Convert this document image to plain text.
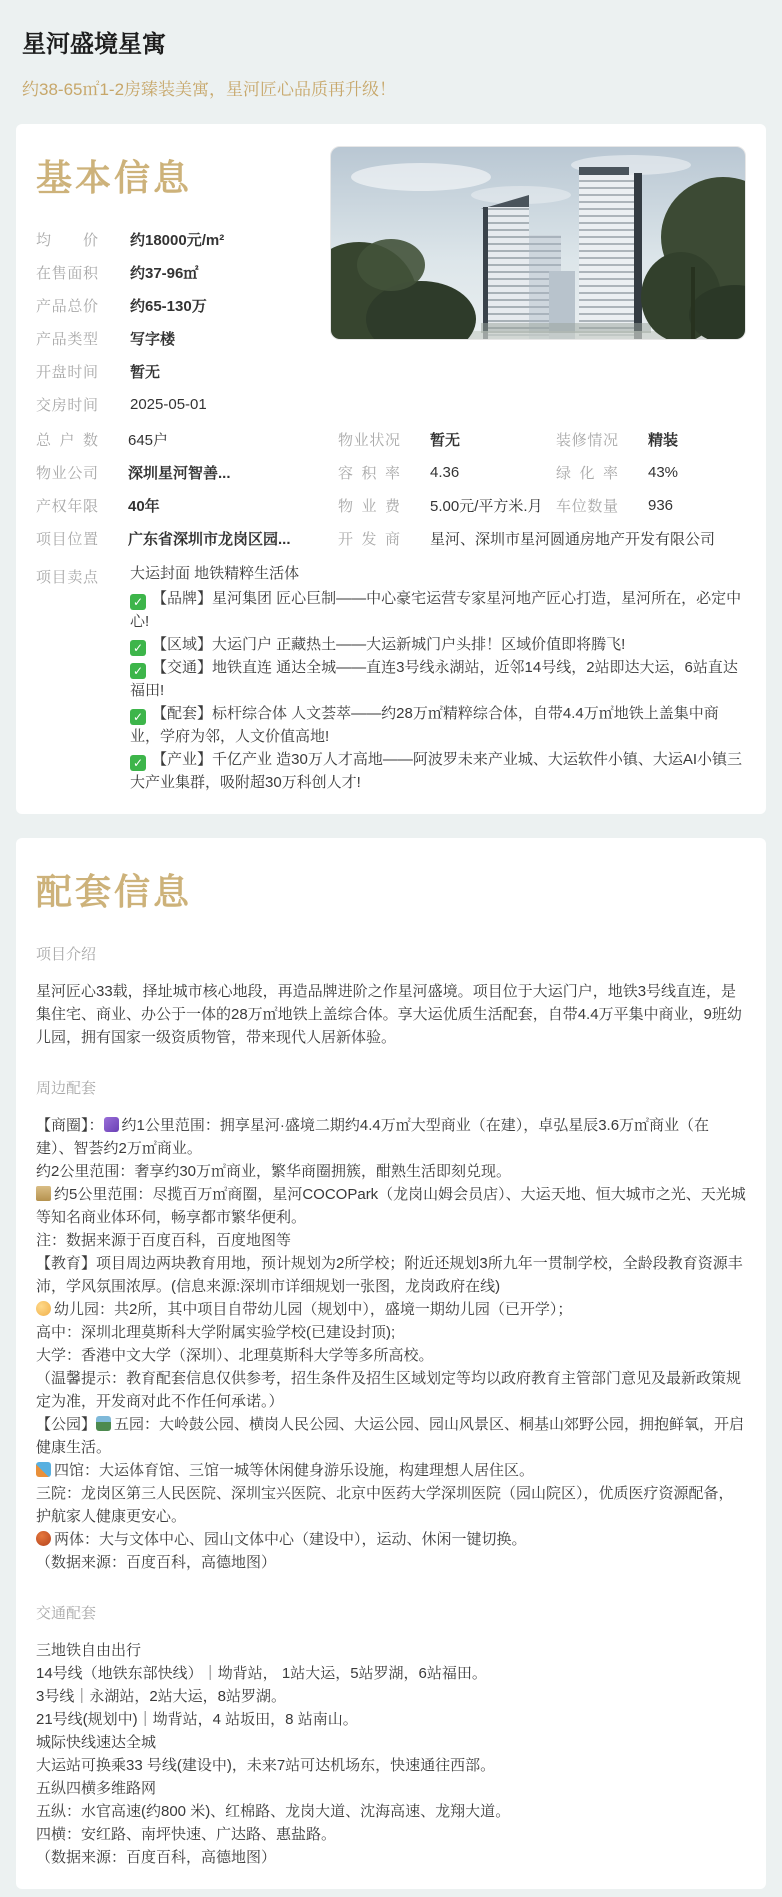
星河盛境星寓
约38-65㎡1-2房臻装美寓，星河匠心品质再升级！
基本信息
均价 约18000元/m²
在售面积 约37-96㎡
产品总价 约65-130万
产品类型 写字楼
开盘时间 暂无
交房时间 2025-05-01
总户数 645户	物业状况 暂无	装修情况 精装
物业公司 深圳星河智善...	容积率 4.36	绿化率 43%
产权年限 40年	物业费 5.00元/平方米.月 车位数量 936
项目位置 广东省深圳市龙岗区园...	开发商 星河、深圳市星河圆通房地产开发有限公司
项目卖点 大运封面 地铁精粹生活体
✓ 【品牌】星河集团 匠心巨制——中心豪宅运营专家星河地产匠心打造，星河所在，必定中心!
✓ 【区域】大运门户 正藏热土——大运新城门户头排！区域价值即将腾飞!
✓ 【交通】地铁直连 通达全城——直连3号线永湖站，近邻14号线，2站即达大运，6站直达福田!
✓ 【配套】标杆综合体 人文荟萃——约28万㎡精粹综合体，自带4.4万㎡地铁上盖集中商业，学府为邻，人文价值高地!
✓ 【产业】千亿产业 造30万人才高地——阿波罗未来产业城、大运软件小镇、大运AI小镇三大产业集群，吸附超30万科创人才!
配套信息
项目介绍

星河匠心33载，择址城市核心地段，再造品牌进阶之作星河盛境。项目位于大运门户，地铁3号线直连，是集住宅、商业、办公于一体的28万㎡地铁上盖综合体。享大运优质生活配套，自带4.4万平集中商业，9班幼儿园，拥有国家一级资质物管，带来现代人居新体验。

周边配套
【商圈】： 约1公里范围：拥享星河·盛境二期约4.4万㎡大型商业（在建），卓弘星辰3.6万㎡商业（在建）、智荟约2万㎡商业。
约2公里范围：奢享约30万㎡商业，繁华商圈拥簇，酣熟生活即刻兑现。
约5公里范围：尽揽百万㎡商圈，星河COCOPark（龙岗山姆会员店）、大运天地、恒大城市之光、天光城等知名商业体环伺，畅享都市繁华便利。
注：数据来源于百度百科，百度地图等
【教育】项目周边两块教育用地，预计规划为2所学校；附近还规划3所九年一贯制学校，全龄段教育资源丰沛，学风氛围浓厚。(信息来源:深圳市详细规划一张图，龙岗政府在线)
幼儿园：共2所，其中项目自带幼儿园（规划中），盛境一期幼儿园（已开学）；
高中：深圳北理莫斯科大学附属实验学校(已建设封顶);
大学：香港中文大学（深圳）、北理莫斯科大学等多所高校。
（温馨提示：教育配套信息仅供参考，招生条件及招生区域划定等均以政府教育主管部门意见及最新政策规定为准，开发商对此不作任何承诺。）
【公园】 五园：大岭鼓公园、横岗人民公园、大运公园、园山风景区、桐基山郊野公园，拥抱鲜氧，开启健康生活。
四馆：大运体育馆、三馆一城等休闲健身游乐设施，构建理想人居住区。
三院：龙岗区第三人民医院、深圳宝兴医院、北京中医药大学深圳医院（园山院区），优质医疗资源配备，护航家人健康更安心。
两体：大与文体中心、园山文体中心（建设中），运动、休闲一键切换。
（数据来源：百度百科，高德地图）
交通配套
三地铁自由出行
14号线（地铁东部快线）｜坳背站， 1站大运，5站罗湖，6站福田。
3号线｜永湖站，2站大运，8站罗湖。
21号线(规划中)｜坳背站，4 站坂田，8 站南山。
城际快线速达全城
大运站可换乘33 号线(建设中)，未来7站可达机场东，快速通往西部。
五纵四横多维路网
五纵：水官高速(约800 米)、红棉路、龙岗大道、沈海高速、龙翔大道。
四横：安红路、南坪快速、广达路、惠盐路。
（数据来源：百度百科，高德地图）
